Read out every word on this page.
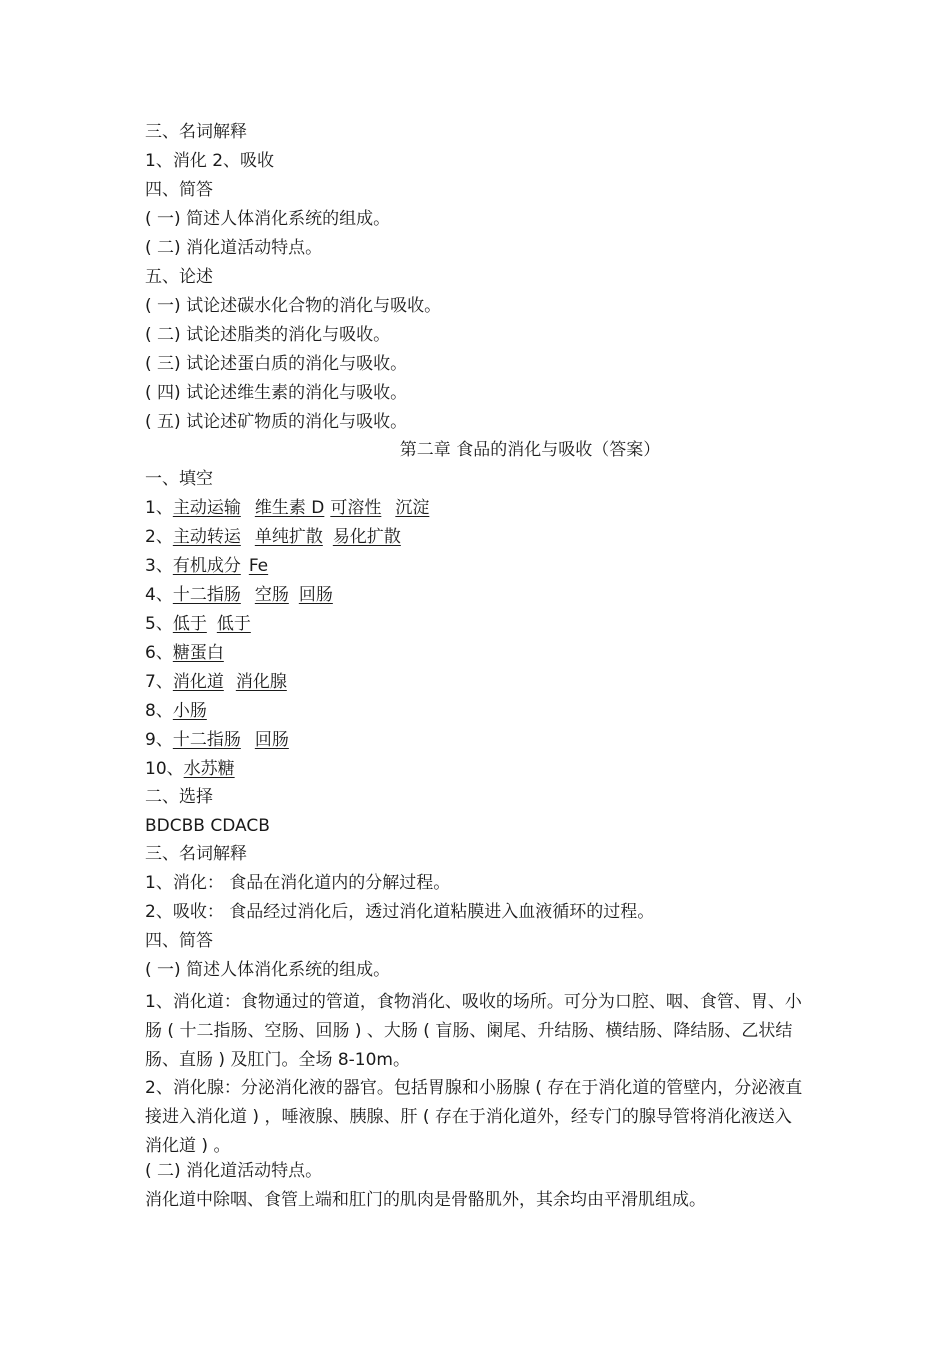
三、名词解释
1、消化 2、吸收
四、简答
( 一) 简述人体消化系统的组成。
( 二) 消化道活动特点。
五、论述
( 一) 试论述碳水化合物的消化与吸收。
( 二) 试论述脂类的消化与吸收。
( 三) 试论述蛋白质的消化与吸收。
( 四) 试论述维生素的消化与吸收。
( 五) 试论述矿物质的消化与吸收。
第二章 食品的消化与吸收（答案）
一、填空
1、主动运输 维生素 D 可溶性 沉淀
2、主动转运 单纯扩散 易化扩散
3、有机成分 Fe
4、十二指肠 空肠 回肠
5、低于 低于
6、糖蛋白
7、消化道 消化腺
8、小肠
9、十二指肠 回肠
10、水苏糖
二、选择
BDCBB CDACB
三、名词解释
1、消化： 食品在消化道内的分解过程。
2、吸收： 食品经过消化后，透过消化道粘膜进入血液循环的过程。
四、简答
( 一) 简述人体消化系统的组成。
1、消化道：食物通过的管道，食物消化、吸收的场所。可分为口腔、咽、食管、胃、小肠 ( 十二指肠、空肠、回肠 ) 、大肠 ( 盲肠、阑尾、升结肠、横结肠、降结肠、乙状结肠、直肠 ) 及肛门。全场 8-10m。
2、消化腺：分泌消化液的器官。包括胃腺和小肠腺 ( 存在于消化道的管壁内，分泌液直接进入消化道 ) ，唾液腺、胰腺、肝 ( 存在于消化道外，经专门的腺导管将消化液送入消化道 ) 。
( 二) 消化道活动特点。
消化道中除咽、食管上端和肛门的肌肉是骨骼肌外，其余均由平滑肌组成。
